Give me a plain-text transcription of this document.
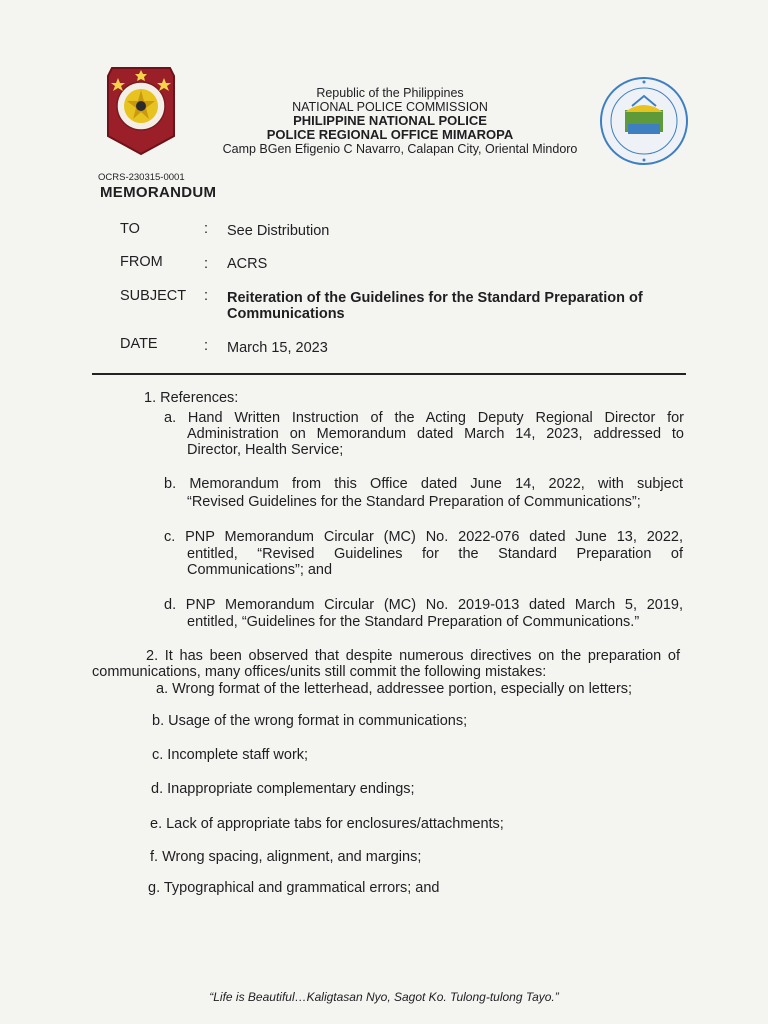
Republic of the Philippines
NATIONAL POLICE COMMISSION
PHILIPPINE NATIONAL POLICE
POLICE REGIONAL OFFICE MIMAROPA
Camp BGen Efigenio C Navarro, Calapan City, Oriental Mindoro
OCRS-230315-0001
MEMORANDUM
TO	: See Distribution
FROM	: ACRS
SUBJECT : Reiteration of the Guidelines for the Standard Preparation of Communications
DATE	: March 15, 2023
1. References:
a. Hand Written Instruction of the Acting Deputy Regional Director for
Administration on Memorandum dated March 14, 2023, addressed to
Director, Health Service;
b. Memorandum from this Office dated June 14, 2022, with subject
“Revised Guidelines for the Standard Preparation of Communications”;
c. PNP Memorandum Circular (MC) No. 2022-076 dated June 13, 2022,
entitled, “Revised Guidelines for the Standard Preparation of
Communications”; and
d. PNP Memorandum Circular (MC) No. 2019-013 dated March 5, 2019,
entitled, “Guidelines for the Standard Preparation of Communications.”
2. It has been observed that despite numerous directives on the preparation of
communications, many offices/units still commit the following mistakes:
a. Wrong format of the letterhead, addressee portion, especially on letters;
b. Usage of the wrong format in communications;
c. Incomplete staff work;
d. Inappropriate complementary endings;
e. Lack of appropriate tabs for enclosures/attachments;
f. Wrong spacing, alignment, and margins;
g. Typographical and grammatical errors; and
“Life is Beautiful…Kaligtasan Nyo, Sagot Ko. Tulong-tulong Tayo.”
